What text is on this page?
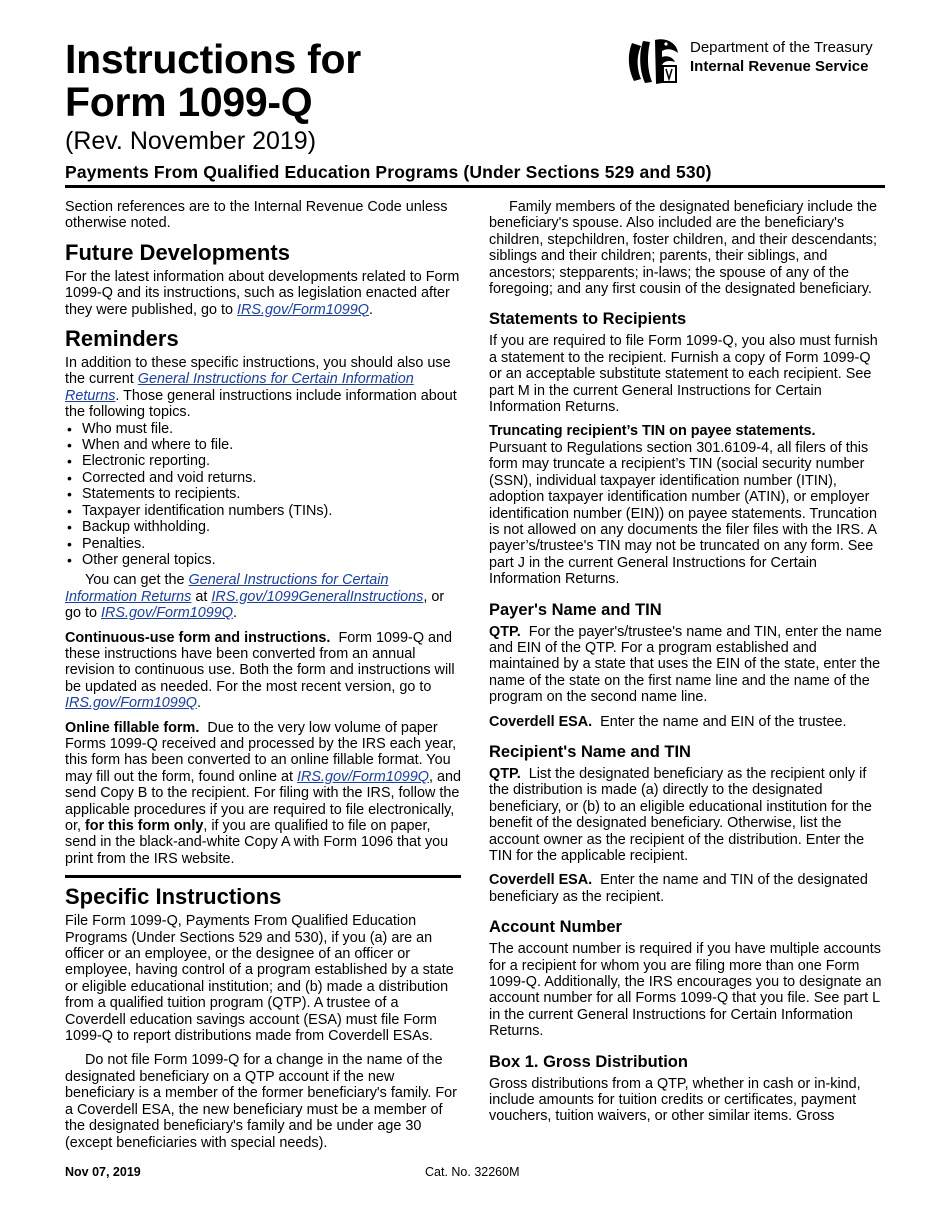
Instructions for
Form 1099-Q
(Rev. November 2019)
Payments From Qualified Education Programs (Under Sections 529 and 530)
Department of the Treasury
Internal Revenue Service

Section references are to the Internal Revenue Code unless otherwise noted.

Future Developments

For the latest information about developments related to Form 1099-Q and its instructions, such as legislation enacted after they were published, go to IRS.gov/Form1099Q.

Reminders

In addition to these specific instructions, you should also use the current General Instructions for Certain Information Returns. Those general instructions include information about the following topics.

• Who must file.
• When and where to file.
• Electronic reporting.
• Corrected and void returns.
• Statements to recipients.
• Taxpayer identification numbers (TINs).
• Backup withholding.
• Penalties.
• Other general topics.

You can get the General Instructions for Certain Information Returns at IRS.gov/1099GeneralInstructions, or go to IRS.gov/Form1099Q.

Continuous-use form and instructions. Form 1099-Q and these instructions have been converted from an annual revision to continuous use. Both the form and instructions will be updated as needed. For the most recent version, go to IRS.gov/Form1099Q.

Online fillable form. Due to the very low volume of paper Forms 1099-Q received and processed by the IRS each year, this form has been converted to an online fillable format. You may fill out the form, found online at IRS.gov/Form1099Q, and send Copy B to the recipient. For filing with the IRS, follow the applicable procedures if you are required to file electronically, or, for this form only, if you are qualified to file on paper, send in the black-and-white Copy A with Form 1096 that you print from the IRS website.

Specific Instructions

File Form 1099-Q, Payments From Qualified Education Programs (Under Sections 529 and 530), if you (a) are an officer or an employee, or the designee of an officer or employee, having control of a program established by a state or eligible educational institution; and (b) made a distribution from a qualified tuition program (QTP). A trustee of a Coverdell education savings account (ESA) must file Form 1099-Q to report distributions made from Coverdell ESAs.

Do not file Form 1099-Q for a change in the name of the designated beneficiary on a QTP account if the new beneficiary is a member of the former beneficiary's family. For a Coverdell ESA, the new beneficiary must be a member of the designated beneficiary's family and be under age 30 (except beneficiaries with special needs).

Family members of the designated beneficiary include the beneficiary's spouse. Also included are the beneficiary's children, stepchildren, foster children, and their descendants; siblings and their children; parents, their siblings, and ancestors; stepparents; in-laws; the spouse of any of the foregoing; and any first cousin of the designated beneficiary.

Statements to Recipients

If you are required to file Form 1099-Q, you also must furnish a statement to the recipient. Furnish a copy of Form 1099-Q or an acceptable substitute statement to each recipient. See part M in the current General Instructions for Certain Information Returns.

Truncating recipient’s TIN on payee statements.
Pursuant to Regulations section 301.6109-4, all filers of this form may truncate a recipient’s TIN (social security number (SSN), individual taxpayer identification number (ITIN), adoption taxpayer identification number (ATIN), or employer identification number (EIN)) on payee statements. Truncation is not allowed on any documents the filer files with the IRS. A payer’s/trustee's TIN may not be truncated on any form. See part J in the current General Instructions for Certain Information Returns.

Payer's Name and TIN

QTP. For the payer's/trustee's name and TIN, enter the name and EIN of the QTP. For a program established and maintained by a state that uses the EIN of the state, enter the name of the state on the first name line and the name of the program on the second name line.

Coverdell ESA. Enter the name and EIN of the trustee.

Recipient's Name and TIN

QTP. List the designated beneficiary as the recipient only if the distribution is made (a) directly to the designated beneficiary, or (b) to an eligible educational institution for the benefit of the designated beneficiary. Otherwise, list the account owner as the recipient of the distribution. Enter the TIN for the applicable recipient.

Coverdell ESA. Enter the name and TIN of the designated beneficiary as the recipient.

Account Number

The account number is required if you have multiple accounts for a recipient for whom you are filing more than one Form 1099-Q. Additionally, the IRS encourages you to designate an account number for all Forms 1099-Q that you file. See part L in the current General Instructions for Certain Information Returns.

Box 1. Gross Distribution

Gross distributions from a QTP, whether in cash or in-kind, include amounts for tuition credits or certificates, payment vouchers, tuition waivers, or other similar items. Gross

Nov 07, 2019	Cat. No. 32260M
